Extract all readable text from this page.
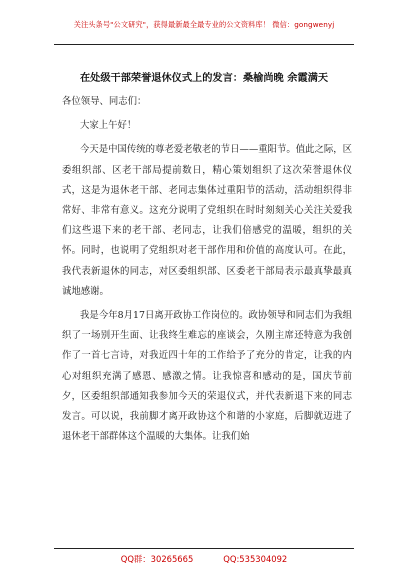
关注头条号"公文研究"，获得最新最全最专业的公文资料库！ 微信：gongwenyj
在处级干部荣誉退休仪式上的发言：桑榆尚晚 余霞满天

各位领导、同志们：

大家上午好！

今天是中国传统的尊老爱老敬老的节日——重阳节。值此之际，区委组织部、区老干部局提前数日，精心策划组织了这次荣誉退休仪式，这是为退休老干部、老同志集体过重阳节的活动，活动组织得非常好、非常有意义。这充分说明了党组织在时时刻刻关心关注关爱我们这些退下来的老干部、老同志，让我们倍感党的温暖，组织的关怀。同时，也说明了党组织对老干部作用和价值的高度认可。在此，我代表新退休的同志，对区委组织部、区委老干部局表示最真挚最真诚地感谢。

我是今年8月17日离开政协工作岗位的。政协领导和同志们为我组织了一场别开生面、让我终生难忘的座谈会，久刚主席还特意为我创作了一首七言诗，对我近四十年的工作给予了充分的肯定，让我的内心对组织充满了感恩、感激之情。让我惊喜和感动的是，国庆节前夕，区委组织部通知我参加今天的荣退仪式，并代表新退下来的同志发言。可以说，我前脚才离开政协这个和谐的小家庭，后脚就迈进了退休老干部群体这个温暖的大集体。让我们始

QQ群：30265665	QQ:535304092
